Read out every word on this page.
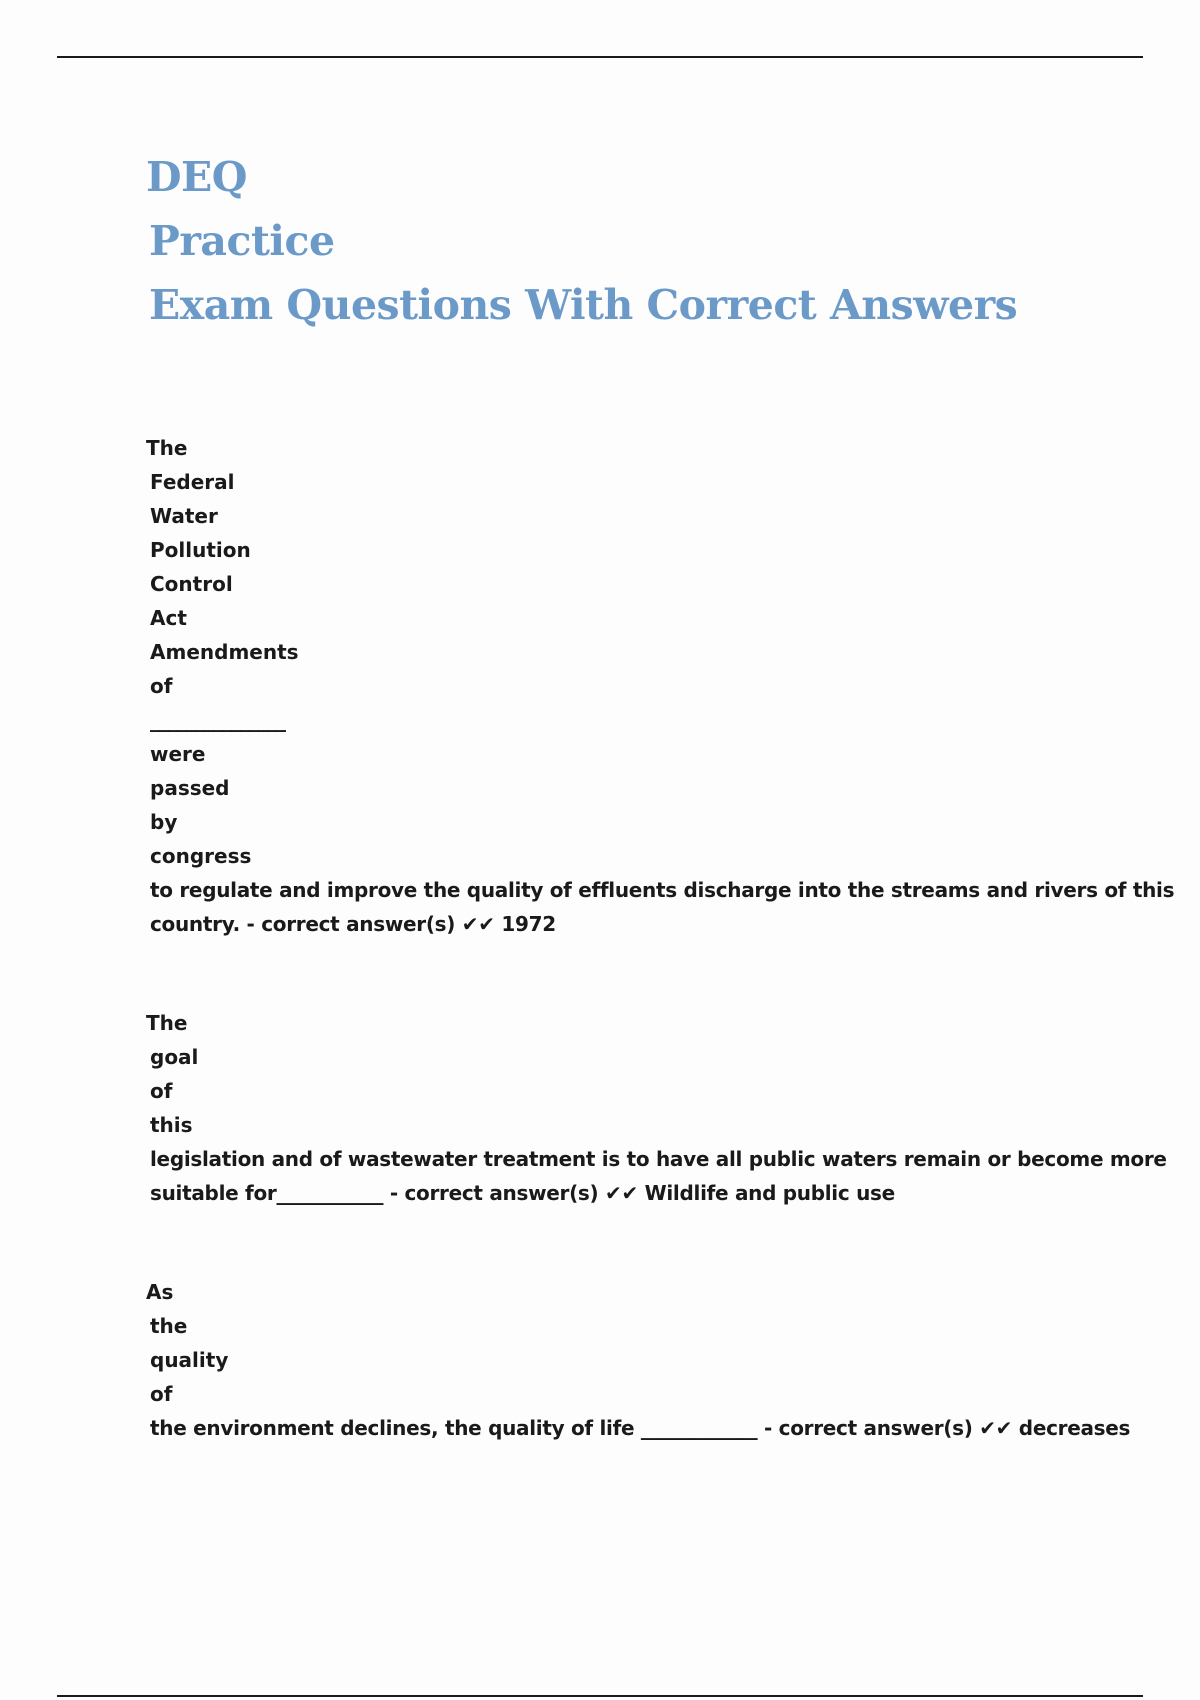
DEQ
Practice
Exam Questions With Correct Answers
The
Federal
Water
Pollution
Control
Act
Amendments
of
_______________
were
passed
by
congress
to regulate and improve the quality of effluents discharge into the streams and rivers of this
country. - correct answer(s) ✔✔ 1972
The
goal
of
this
legislation and of wastewater treatment is to have all public waters remain or become more
suitable for___________ - correct answer(s) ✔✔ Wildlife and public use
As
the
quality
of
the environment declines, the quality of life ____________ - correct answer(s) ✔✔ decreases
